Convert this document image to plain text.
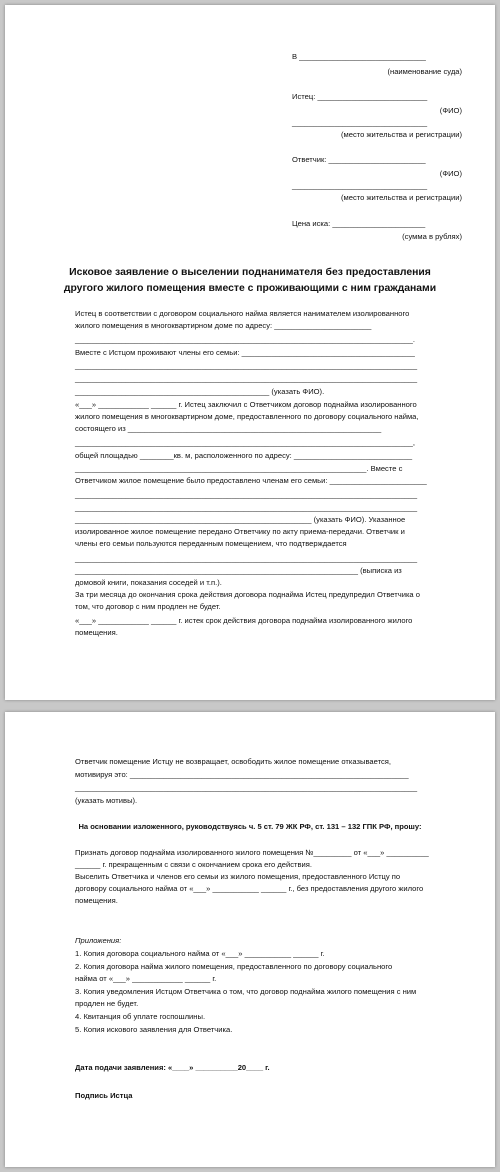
В ______________________________
(наименование суда)
Истец: __________________________
(ФИО)
________________________________
(место жительства и регистрации)
Ответчик: _______________________
(ФИО)
________________________________
(место жительства и регистрации)
Цена иска: ______________________
(сумма в рублях)
Исковое заявление о выселении поднанимателя без предоставления
другого жилого помещения вместе с проживающими с ним гражданами
Истец в соответствии с договором социального найма является нанимателем изолированного
жилого помещения в многоквартирном доме по адресу: _______________________
________________________________________________________________________________.
Вместе с Истцом проживают члены его семьи: _________________________________________
_________________________________________________________________________________
_________________________________________________________________________________
______________________________________________ (указать ФИО).
«___» ____________ ______ г. Истец заключил с Ответчиком договор поднайма изолированного
жилого помещения в многоквартирном доме, предоставленного по договору социального найма,
состоящего из ____________________________________________________________
________________________________________________________________________________,
общей площадью ________кв. м, расположенного по адресу: ____________________________
_____________________________________________________________________. Вместе с
Ответчиком жилое помещение было предоставлено членам его семьи: _______________________
_________________________________________________________________________________
_________________________________________________________________________________
________________________________________________________ (указать ФИО). Указанное
изолированное жилое помещение передано Ответчику по акту приема-передачи. Ответчик и
члены его семьи пользуются переданным помещением, что подтверждается
_________________________________________________________________________________
___________________________________________________________________ (выписка из
домовой книги, показания соседей и т.п.).
За три месяца до окончания срока действия договора поднайма Истец предупредил Ответчика о
том, что договор с ним продлен не будет.
«___» ____________ ______ г. истек срок действия договора поднайма изолированного жилого
помещения.
Ответчик помещение Истцу не возвращает, освободить жилое помещение отказывается,
мотивируя это: __________________________________________________________________
_________________________________________________________________________________
(указать мотивы).
На основании изложенного, руководствуясь ч. 5 ст. 79 ЖК РФ, ст. 131 – 132 ГПК РФ, прошу:
Признать договор поднайма изолированного жилого помещения №_________ от «___» __________
______ г. прекращенным с связи с окончанием срока его действия.
Выселить Ответчика и членов его семьи из жилого помещения, предоставленного Истцу по
договору социального найма от «___» ___________ ______ г., без предоставления другого жилого
помещения.
Приложения:
1. Копия договора социального найма от «___» ___________ ______ г.
2. Копия договора найма жилого помещения, предоставленного по договору социального
найма от «___» ____________ ______ г.
3. Копия уведомления Истцом Ответчика о том, что договор поднайма жилого помещения с ним
продлен не будет.
4. Квитанция об уплате госпошлины.
5. Копия искового заявления для Ответчика.
Дата подачи заявления: «____» __________20____ г.
Подпись Истца
